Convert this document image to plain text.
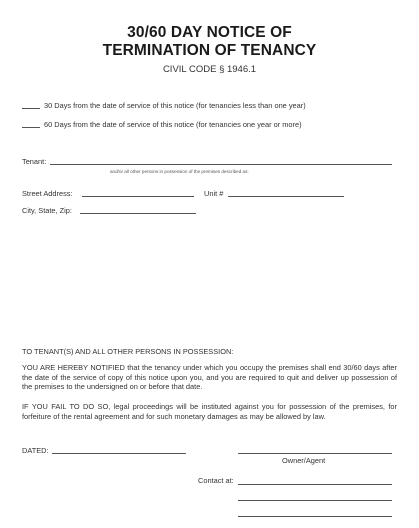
30/60 DAY NOTICE OF
TERMINATION OF TENANCY
CIVIL CODE § 1946.1
30 Days from the date of service of this notice (for tenancies less than one year)
60 Days from the date of service of this notice (for tenancies one year or more)
Tenant:
and/or all other persons in possession of the premises described as:
Street Address:	Unit #
City, State, Zip:
TO TENANT(S) AND ALL OTHER PERSONS IN POSSESSION:
YOU ARE HEREBY NOTIFIED that the tenancy under which you occupy the premises shall end 30/60 days after the date of the service of copy of this notice upon you, and you are required to quit and deliver up possession of the premises to the undersigned on or before that date.
IF YOU FAIL TO DO SO, legal proceedings will be instituted against you for possession of the premises, for forfeiture of the rental agreement and for such monetary damages as may be allowed by law.
DATED:
Owner/Agent
Contact at:
